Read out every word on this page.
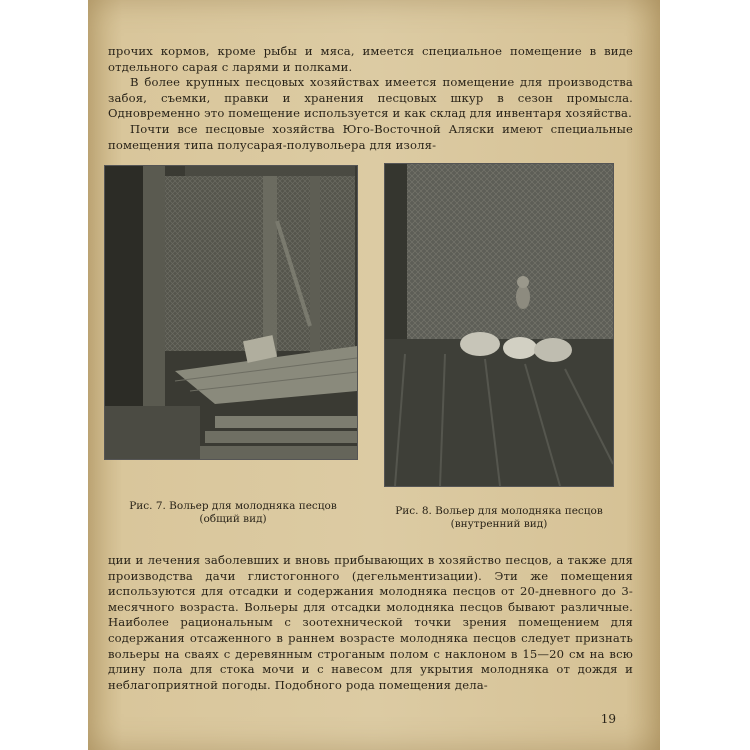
прочих кормов, кроме рыбы и мяса, имеется специальное помещение в виде отдельного сарая с ларями и полками.

В более крупных песцовых хозяйствах имеется помещение для производства забоя, съемки, правки и хранения песцовых шкур в сезон промысла. Одновременно это помещение используется и как склад для инвентаря хозяйства.

Почти все песцовые хозяйства Юго-Восточной Аляски имеют специальные помещения типа полусарая-полувольера для изоля-

Рис. 7. Вольер для молодняка песцов
(общий вид)
Рис. 8. Вольер для молодняка песцов
(внутренний вид)

ции и лечения заболевших и вновь прибывающих в хозяйство песцов, а также для производства дачи глистогонного (дегельментизации). Эти же помещения используются для отсадки и содержания молодняка песцов от 20-дневного до 3-месячного возраста. Вольеры для отсадки молодняка песцов бывают различные. Наиболее рациональным с зоотехнической точки зрения помещением для содержания отсаженного в раннем возрасте молодняка песцов следует признать вольеры на сваях с деревянным строганым полом с наклоном в 15—20 см на всю длину пола для стока мочи и с навесом для укрытия молодняка от дождя и неблагоприятной погоды. Подобного рода помещения дела-

19
